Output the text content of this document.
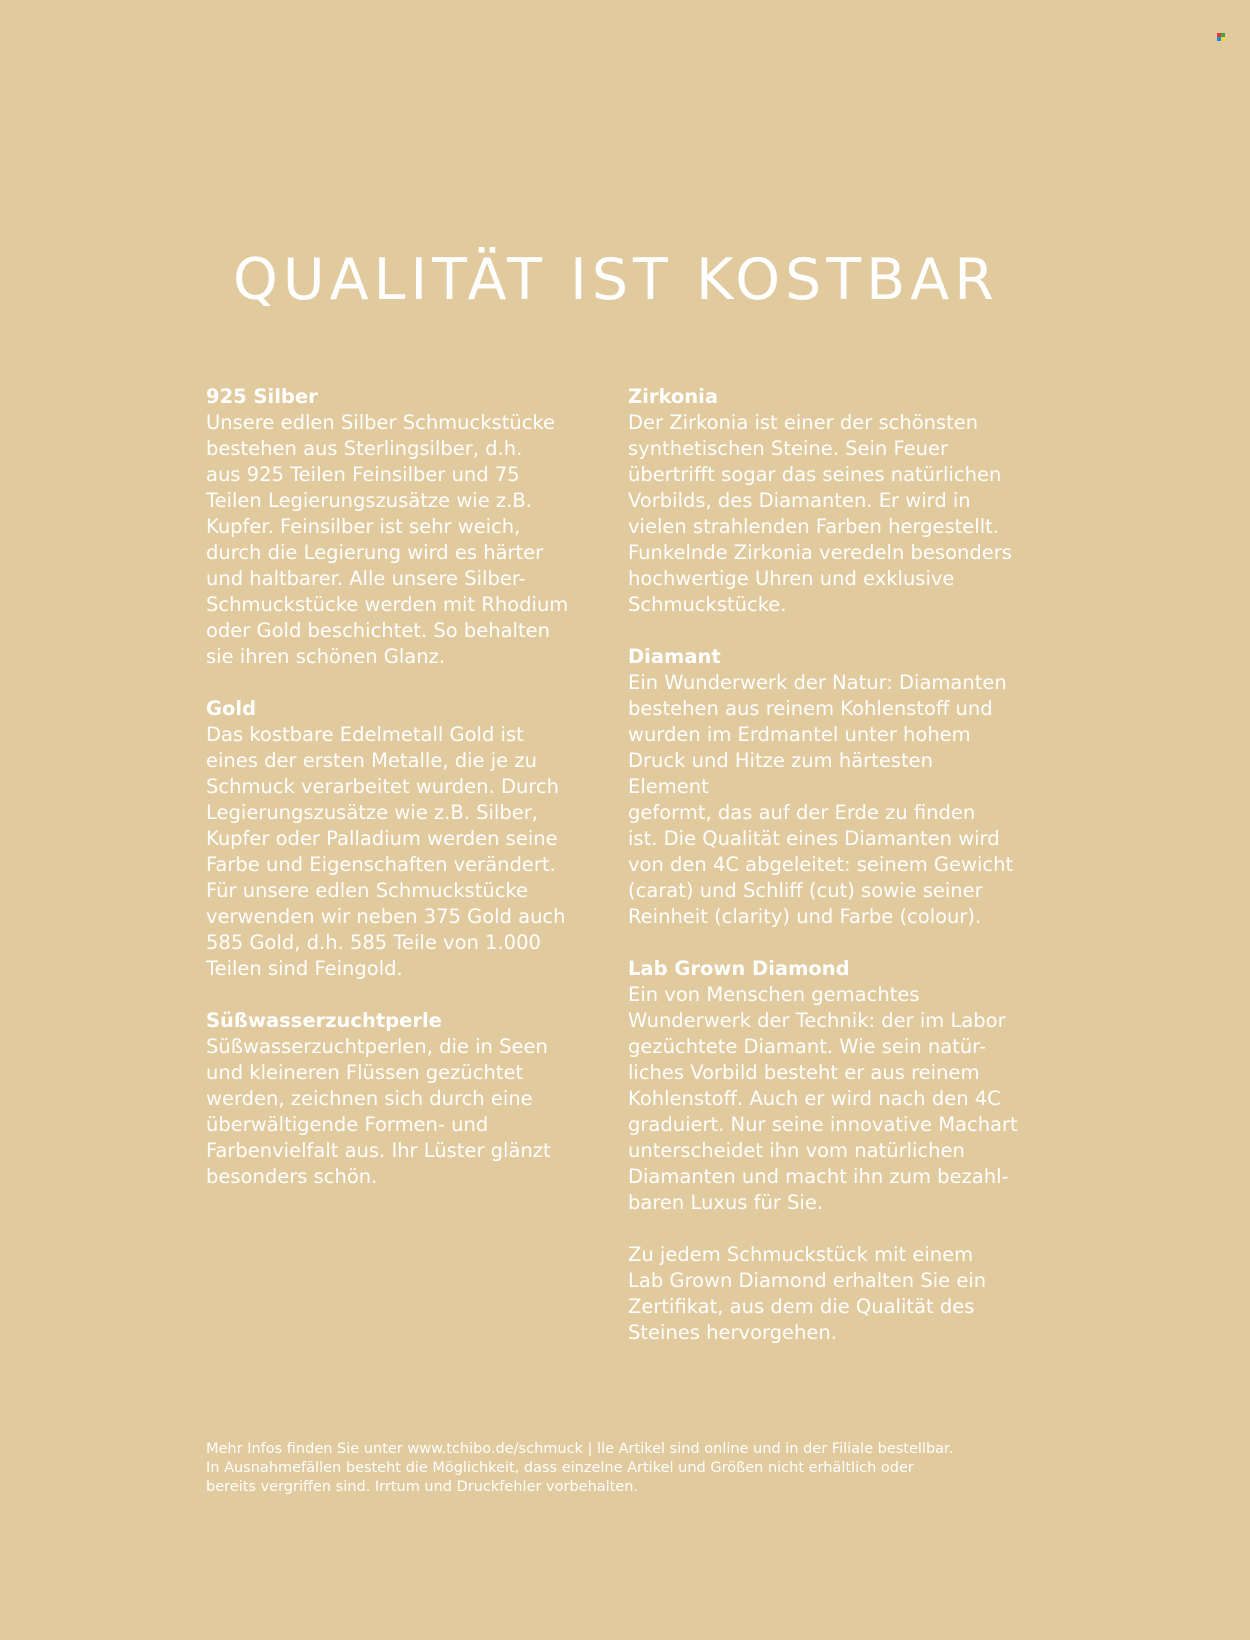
QUALITÄT IST KOSTBAR
925 Silber

Unsere edlen Silber Schmuckstücke
bestehen aus Sterlingsilber, d.h.
aus 925 Teilen Feinsilber und 75
Teilen Legierungszusätze wie z.B.
Kupfer. Feinsilber ist sehr weich,
durch die Legierung wird es härter
und haltbarer. Alle unsere Silber-
Schmuckstücke werden mit Rhodium
oder Gold beschichtet. So behalten
sie ihren schönen Glanz.

Gold

Das kostbare Edelmetall Gold ist
eines der ersten Metalle, die je zu
Schmuck verarbeitet wurden. Durch
Legierungszusätze wie z.B. Silber,
Kupfer oder Palladium werden seine
Farbe und Eigenschaften verändert.
Für unsere edlen Schmuckstücke
verwenden wir neben 375 Gold auch
585 Gold, d.h. 585 Teile von 1.000
Teilen sind Feingold.

Süßwasserzuchtperle

Süßwasserzuchtperlen, die in Seen
und kleineren Flüssen gezüchtet
werden, zeichnen sich durch eine
überwältigende Formen- und
Farbenvielfalt aus. Ihr Lüster glänzt
besonders schön.

Zirkonia

Der Zirkonia ist einer der schönsten
synthetischen Steine. Sein Feuer
übertrifft sogar das seines natürlichen
Vorbilds, des Diamanten. Er wird in
vielen strahlenden Farben hergestellt.
Funkelnde Zirkonia veredeln besonders
hochwertige Uhren und exklusive
Schmuckstücke.

Diamant

Ein Wunderwerk der Natur: Diamanten
bestehen aus reinem Kohlenstoff und
wurden im Erdmantel unter hohem
Druck und Hitze zum härtesten Element
geformt, das auf der Erde zu finden
ist. Die Qualität eines Diamanten wird
von den 4C abgeleitet: seinem Gewicht
(carat) und Schliff (cut) sowie seiner
Reinheit (clarity) und Farbe (colour).

Lab Grown Diamond

Ein von Menschen gemachtes
Wunderwerk der Technik: der im Labor
gezüchtete Diamant. Wie sein natür-
liches Vorbild besteht er aus reinem
Kohlenstoff. Auch er wird nach den 4C
graduiert. Nur seine innovative Machart
unterscheidet ihn vom natürlichen
Diamanten und macht ihn zum bezahl-
baren Luxus für Sie.

Zu jedem Schmuckstück mit einem
Lab Grown Diamond erhalten Sie ein
Zertifikat, aus dem die Qualität des
Steines hervorgehen.

Mehr Infos finden Sie unter www.tchibo.de/schmuck | lle Artikel sind online und in der Filiale bestellbar.
In Ausnahmefällen besteht die Möglichkeit, dass einzelne Artikel und Größen nicht erhältlich oder
bereits vergriffen sind. Irrtum und Druckfehler vorbehalten.
